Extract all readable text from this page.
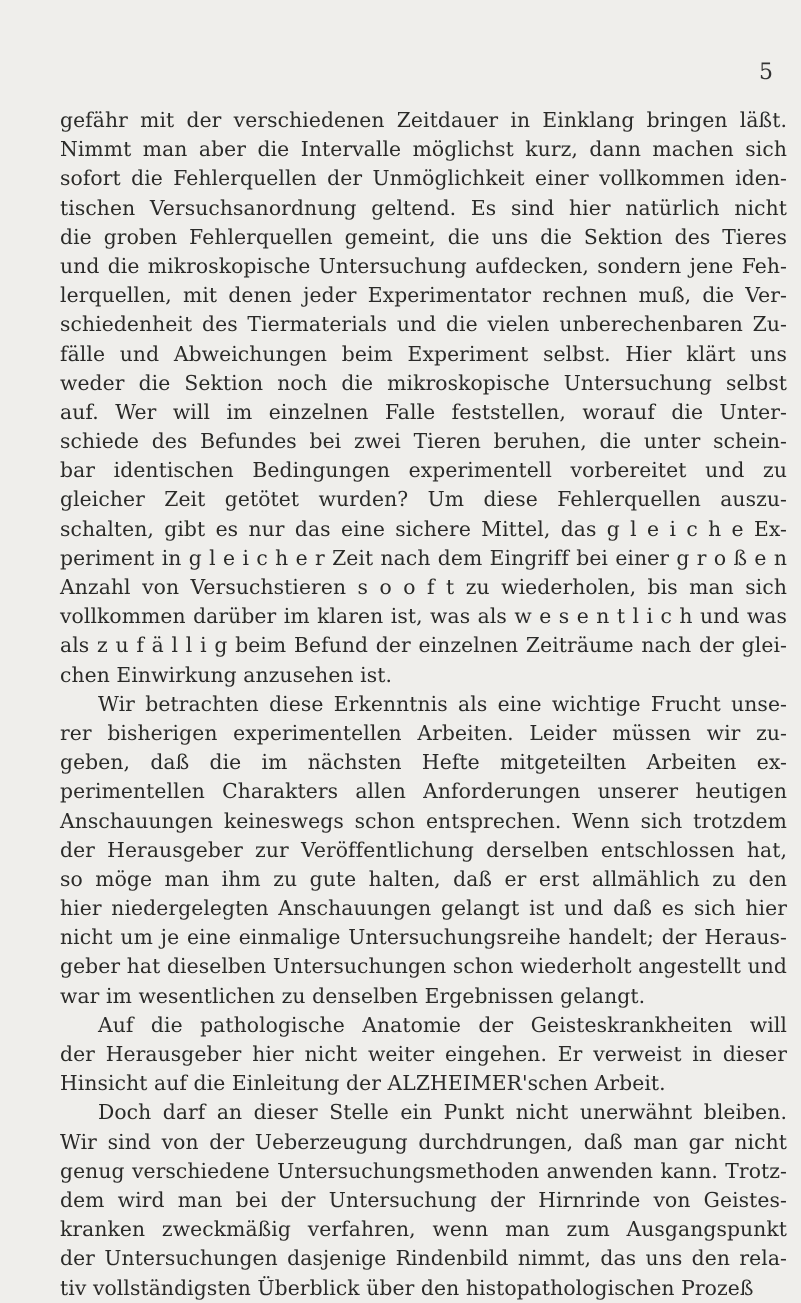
5
gefähr mit der verschiedenen Zeitdauer in Einklang bringen läßt.
Nimmt man aber die Intervalle möglichst kurz, dann machen sich
sofort die Fehlerquellen der Unmöglichkeit einer vollkommen iden-
tischen Versuchsanordnung geltend. Es sind hier natürlich nicht
die groben Fehlerquellen gemeint, die uns die Sektion des Tieres
und die mikroskopische Untersuchung aufdecken, sondern jene Feh-
lerquellen, mit denen jeder Experimentator rechnen muß, die Ver-
schiedenheit des Tiermaterials und die vielen unberechenbaren Zu-
fälle und Abweichungen beim Experiment selbst. Hier klärt uns
weder die Sektion noch die mikroskopische Untersuchung selbst
auf. Wer will im einzelnen Falle feststellen, worauf die Unter-
schiede des Befundes bei zwei Tieren beruhen, die unter schein-
bar identischen Bedingungen experimentell vorbereitet und zu
gleicher Zeit getötet wurden? Um diese Fehlerquellen auszu-
schalten, gibt es nur das eine sichere Mittel, das g l e i c h e Ex-
periment in g l e i c h e r Zeit nach dem Eingriff bei einer g r o ß e n
Anzahl von Versuchstieren s o o f t zu wiederholen, bis man sich
vollkommen darüber im klaren ist, was als w e s e n t l i c h und was
als z u f ä l l i g beim Befund der einzelnen Zeiträume nach der glei-
chen Einwirkung anzusehen ist.
Wir betrachten diese Erkenntnis als eine wichtige Frucht unse-
rer bisherigen experimentellen Arbeiten. Leider müssen wir zu-
geben, daß die im nächsten Hefte mitgeteilten Arbeiten ex-
perimentellen Charakters allen Anforderungen unserer heutigen
Anschauungen keineswegs schon entsprechen. Wenn sich trotzdem
der Herausgeber zur Veröffentlichung derselben entschlossen hat,
so möge man ihm zu gute halten, daß er erst allmählich zu den
hier niedergelegten Anschauungen gelangt ist und daß es sich hier
nicht um je eine einmalige Untersuchungsreihe handelt; der Heraus-
geber hat dieselben Untersuchungen schon wiederholt angestellt und
war im wesentlichen zu denselben Ergebnissen gelangt.
Auf die pathologische Anatomie der Geisteskrankheiten will
der Herausgeber hier nicht weiter eingehen. Er verweist in dieser
Hinsicht auf die Einleitung der ALZHEIMER'schen Arbeit.
Doch darf an dieser Stelle ein Punkt nicht unerwähnt bleiben.
Wir sind von der Ueberzeugung durchdrungen, daß man gar nicht
genug verschiedene Untersuchungsmethoden anwenden kann. Trotz-
dem wird man bei der Untersuchung der Hirnrinde von Geistes-
kranken zweckmäßig verfahren, wenn man zum Ausgangspunkt
der Untersuchungen dasjenige Rindenbild nimmt, das uns den rela-
tiv vollständigsten Überblick über den histopathologischen Prozeß
